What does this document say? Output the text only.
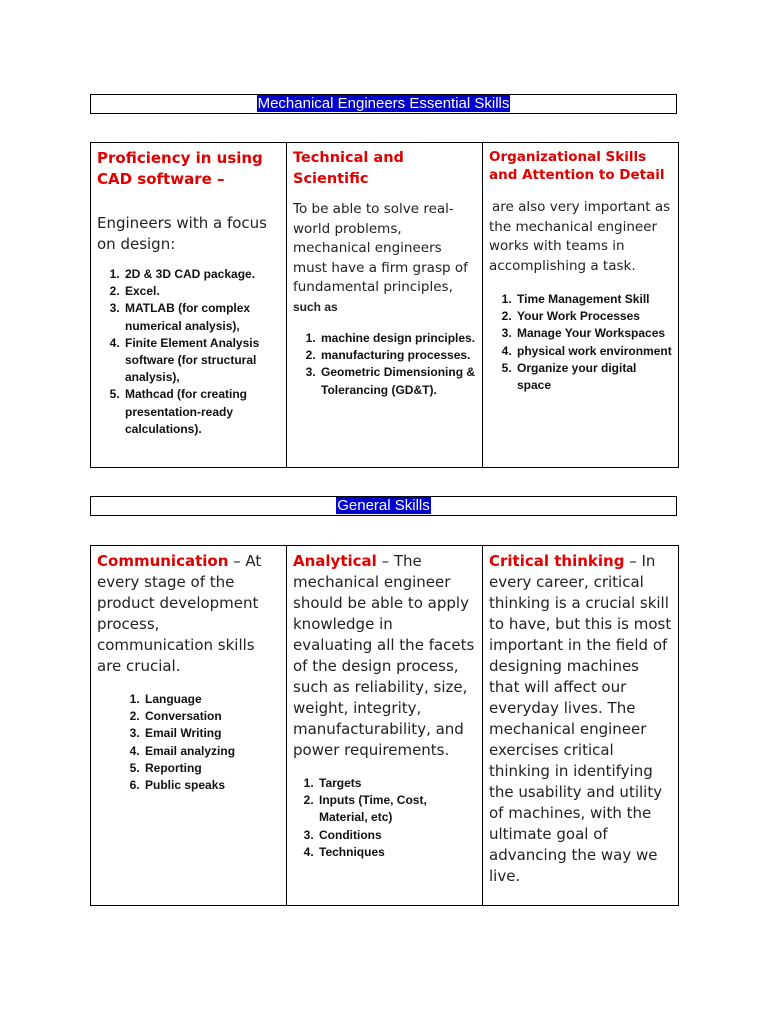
Mechanical Engineers Essential Skills
Proficiency in using CAD software –
Engineers with a focus on design:
1. 2D & 3D CAD package.
2. Excel.
3. MATLAB (for complex numerical analysis),
4. Finite Element Analysis software (for structural analysis),
5. Mathcad (for creating presentation-ready calculations).

Technical and Scientific
To be able to solve real-world problems, mechanical engineers must have a firm grasp of fundamental principles, such as
1. machine design principles.
2. manufacturing processes.
3. Geometric Dimensioning & Tolerancing (GD&T).

Organizational Skills and Attention to Detail
are also very important as the mechanical engineer works with teams in accomplishing a task.
1. Time Management Skill
2. Your Work Processes
3. Manage Your Workspaces
4. physical work environment
5. Organize your digital space
General Skills
Communication – At every stage of the product development process, communication skills are crucial.
1. Language
2. Conversation
3. Email Writing
4. Email analyzing
5. Reporting
6. Public speaks

Analytical – The mechanical engineer should be able to apply knowledge in evaluating all the facets of the design process, such as reliability, size, weight, integrity, manufacturability, and power requirements.
1. Targets
2. Inputs (Time, Cost, Material, etc)
3. Conditions
4. Techniques

Critical thinking – In every career, critical thinking is a crucial skill to have, but this is most important in the field of designing machines that will affect our everyday lives. The mechanical engineer exercises critical thinking in identifying the usability and utility of machines, with the ultimate goal of advancing the way we live.
